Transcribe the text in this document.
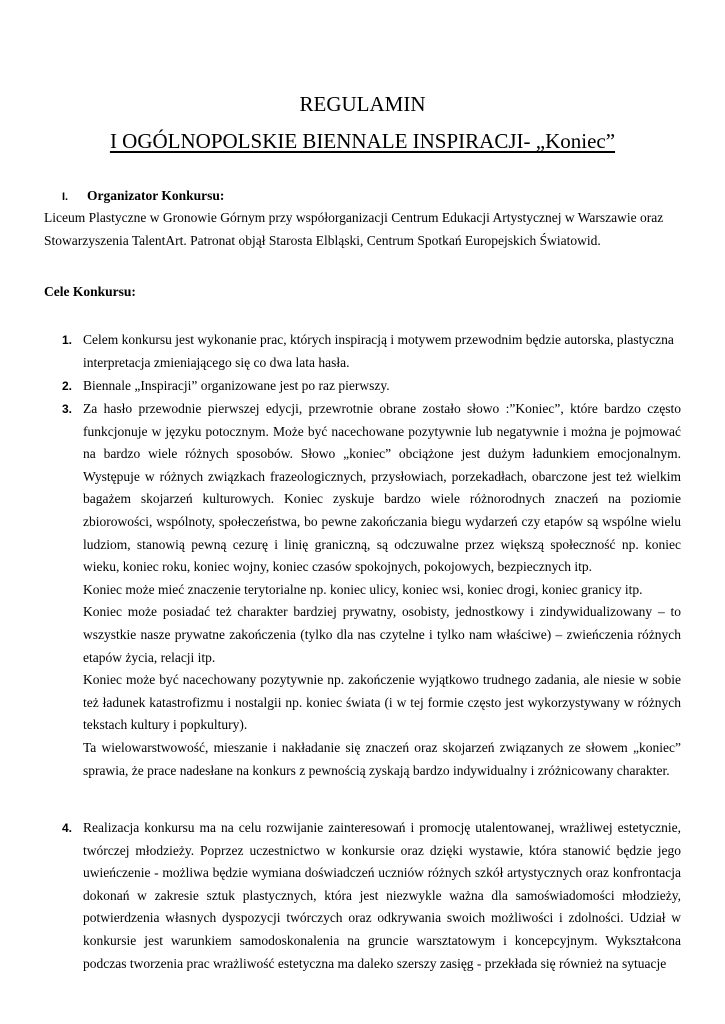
REGULAMIN
I OGÓLNOPOLSKIE BIENNALE INSPIRACJI- „Koniec”
I. Organizator Konkursu:
Liceum Plastyczne w Gronowie Górnym przy współorganizacji Centrum Edukacji Artystycznej w Warszawie oraz Stowarzyszenia TalentArt. Patronat objął Starosta Elbląski, Centrum Spotkań Europejskich Światowid.
Cele Konkursu:
1. Celem konkursu jest wykonanie prac, których inspiracją i motywem przewodnim będzie autorska, plastyczna interpretacja zmieniającego się co dwa lata hasła.

2. Biennale „Inspiracji” organizowane jest po raz pierwszy.

3. Za hasło przewodnie pierwszej edycji, przewrotnie obrane zostało słowo :”Koniec”, które bardzo często funkcjonuje w języku potocznym. Może być nacechowane pozytywnie lub negatywnie i można je pojmować na bardzo wiele różnych sposobów. Słowo „koniec” obciążone jest dużym ładunkiem emocjonalnym. Występuje w różnych związkach frazeologicznych, przysłowiach, porzekadłach, obarczone jest też wielkim bagażem skojarzeń kulturowych. Koniec zyskuje bardzo wiele różnorodnych znaczeń na poziomie zbiorowości, wspólnoty, społeczeństwa, bo pewne zakończania biegu wydarzeń czy etapów są wspólne wielu ludziom, stanowią pewną cezurę i linię graniczną, są odczuwalne przez większą społeczność np. koniec wieku, koniec roku, koniec wojny, koniec czasów spokojnych, pokojowych, bezpiecznych itp.

Koniec może mieć znaczenie terytorialne np. koniec ulicy, koniec wsi, koniec drogi, koniec granicy itp.

Koniec może posiadać też charakter bardziej prywatny, osobisty, jednostkowy i zindywidualizowany – to wszystkie nasze prywatne zakończenia (tylko dla nas czytelne i tylko nam właściwe) – zwieńczenia różnych etapów życia, relacji itp.

Koniec może być nacechowany pozytywnie np. zakończenie wyjątkowo trudnego zadania, ale niesie w sobie też ładunek katastrofizmu i nostalgii np. koniec świata (i w tej formie często jest wykorzystywany w różnych tekstach kultury i popkultury).

Ta wielowarstwowość, mieszanie i nakładanie się znaczeń oraz skojarzeń związanych ze słowem „koniec” sprawia, że prace nadesłane na konkurs z pewnością zyskają bardzo indywidualny i zróżnicowany charakter.

4. Realizacja konkursu ma na celu rozwijanie zainteresowań i promocję utalentowanej, wrażliwej estetycznie, twórczej młodzieży. Poprzez uczestnictwo w konkursie oraz dzięki wystawie, która stanowić będzie jego uwieńczenie - możliwa będzie wymiana doświadczeń uczniów różnych szkół artystycznych oraz konfrontacja dokonań w zakresie sztuk plastycznych, która jest niezwykle ważna dla samoświadomości młodzieży, potwierdzenia własnych dyspozycji twórczych oraz odkrywania swoich możliwości i zdolności. Udział w konkursie jest warunkiem samodoskonalenia na gruncie warsztatowym i koncepcyjnym. Wykształcona podczas tworzenia prac wrażliwość estetyczna ma daleko szerszy zasięg - przekłada się również na sytuacje
